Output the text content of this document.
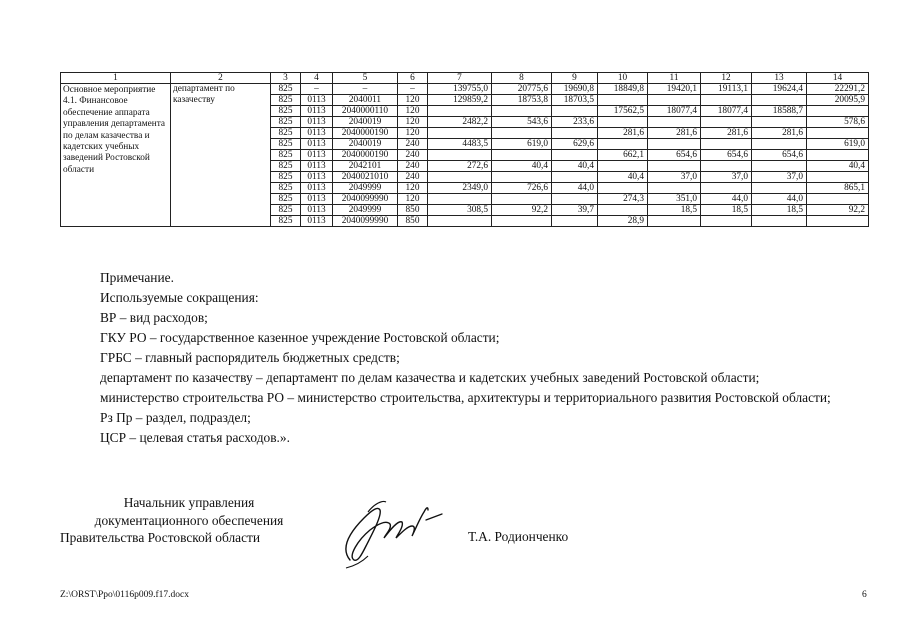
1	2	3	4	5	6	7	8	9	10	11	12	13	14
Основное мероприятие 4.1. Финансовое обеспечение аппарата управления департамента по делам казачества и кадетских учебных заведений Ростовской области	департамент по казачеству	825	–	–	–	139755,0	20775,6	19690,8	18849,8	19420,1	19113,1	19624,4	22291,2
		825	0113	2040011	120	129859,2	18753,8	18703,5					20095,9
		825	0113	2040000110	120				17562,5	18077,4	18077,4	18588,7	
		825	0113	2040019	120	2482,2	543,6	233,6					578,6
		825	0113	2040000190	120				281,6	281,6	281,6	281,6	
		825	0113	2040019	240	4483,5	619,0	629,6					619,0
		825	0113	2040000190	240				662,1	654,6	654,6	654,6	
		825	0113	2042101	240	272,6	40,4	40,4					40,4
		825	0113	2040021010	240				40,4	37,0	37,0	37,0	
		825	0113	2049999	120	2349,0	726,6	44,0					865,1
		825	0113	2040099990	120				274,3	351,0	44,0	44,0	
		825	0113	2049999	850	308,5	92,2	39,7		18,5	18,5	18,5	92,2
		825	0113	2040099990	850				28,9				

Примечание.

Используемые сокращения:

ВР – вид расходов;

ГКУ РО – государственное казенное учреждение Ростовской области;

ГРБС – главный распорядитель бюджетных средств;

департамент по казачеству – департамент по делам казачества и кадетских учебных заведений Ростовской области;

министерство строительства РО – министерство строительства, архитектуры и территориального развития Ростовской области;

Рз Пр – раздел, подраздел;

ЦСР – целевая статья расходов.».

Начальник управления
документационного обеспечения
Правительства Ростовской области	Т.А. Родионченко
Z:\ORST\Ppo\0116p009.f17.docx	6
